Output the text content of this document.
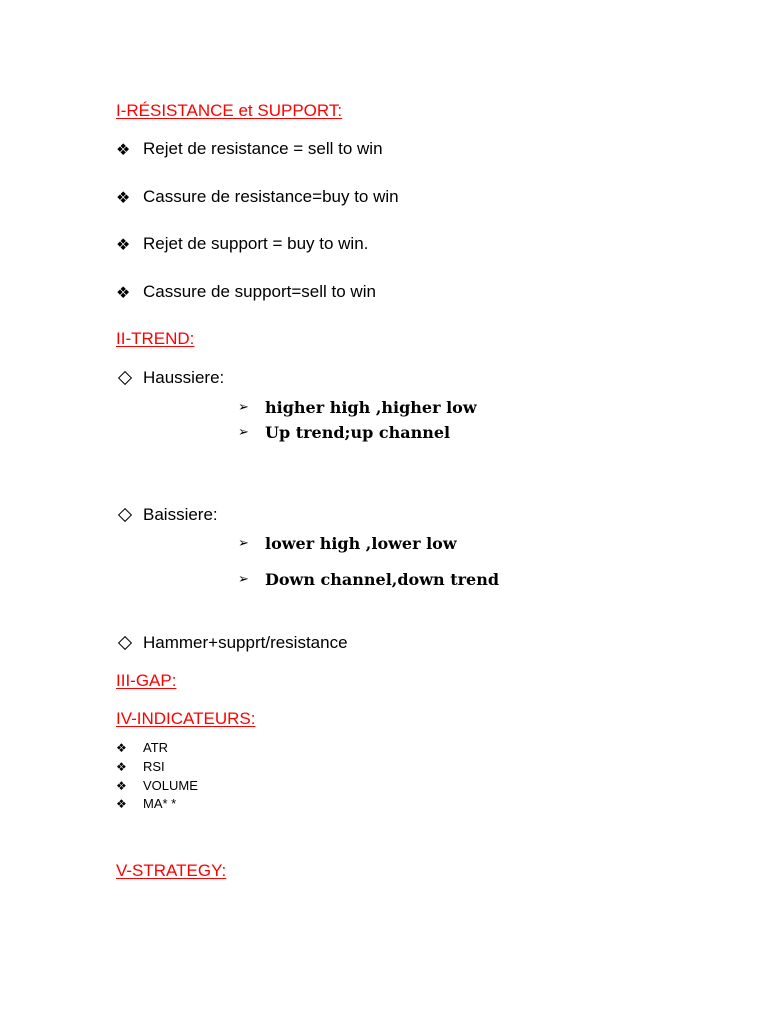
I-RÉSISTANCE et SUPPORT:
❖ Rejet de resistance = sell to win
❖ Cassure de resistance=buy to win
❖ Rejet de support = buy to win.
❖ Cassure de support=sell to win
II-TREND:
Haussiere:
➢	higher high ,higher low
➢	Up trend;up channel
Baissiere:
➢	lower high ,lower low
➢	Down channel,down trend
Hammer+supprt/resistance
III-GAP:
IV-INDICATEURS:
❖	ATR
❖	RSI
❖	VOLUME
❖	MA* *
V-STRATEGY:
